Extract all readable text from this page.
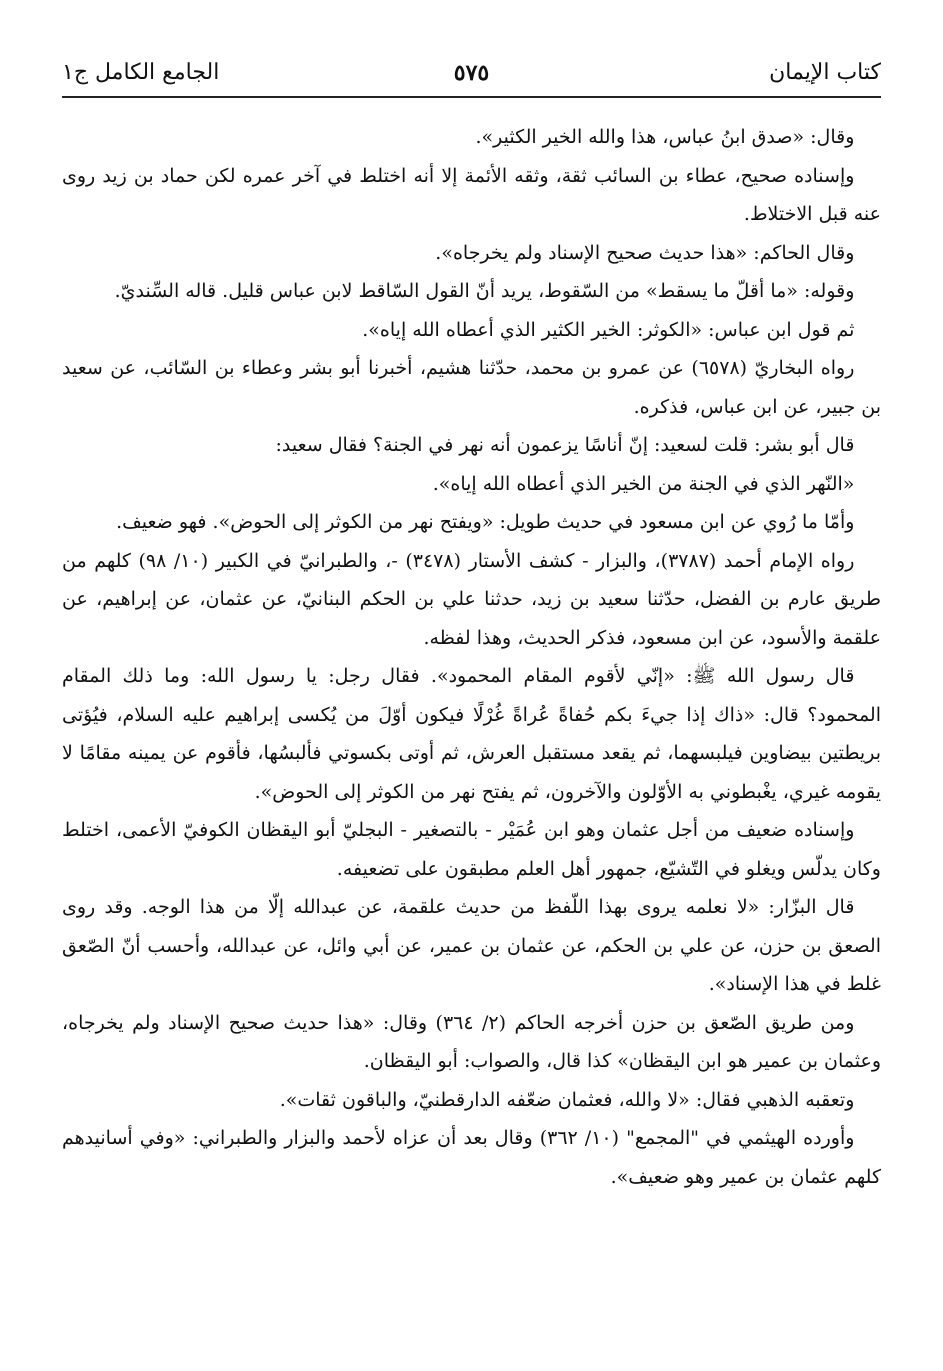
كتاب الإيمان
٥٧٥
الجامع الكامل ج١

وقال: «صدق ابنُ عباس، هذا والله الخير الكثير».

وإسناده صحيح، عطاء بن السائب ثقة، وثقه الأئمة إلا أنه اختلط في آخر عمره لكن حماد بن زيد روى عنه قبل الاختلاط.

وقال الحاكم: «هذا حديث صحيح الإسناد ولم يخرجاه».

وقوله: «ما أقلّ ما يسقط» من السّقوط، يريد أنّ القول السّاقط لابن عباس قليل. قاله السِّنديّ.

ثم قول ابن عباس: «الكوثر: الخير الكثير الذي أعطاه الله إياه».

رواه البخاريّ (٦٥٧٨) عن عمرو بن محمد، حدّثنا هشيم، أخبرنا أبو بشر وعطاء بن السّائب، عن سعيد بن جبير، عن ابن عباس، فذكره.

قال أبو بشر: قلت لسعيد: إنّ أناسًا يزعمون أنه نهر في الجنة؟ فقال سعيد:

«النّهر الذي في الجنة من الخير الذي أعطاه الله إياه».

وأمّا ما رُوي عن ابن مسعود في حديث طويل: «ويفتح نهر من الكوثر إلى الحوض». فهو ضعيف.

رواه الإمام أحمد (٣٧٨٧)، والبزار - كشف الأستار (٣٤٧٨) -، والطبرانيّ في الكبير (١٠/ ٩٨) كلهم من طريق عارم بن الفضل، حدّثنا سعيد بن زيد، حدثنا علي بن الحكم البنانيّ، عن عثمان، عن إبراهيم، عن علقمة والأسود، عن ابن مسعود، فذكر الحديث، وهذا لفظه.

قال رسول الله ﷺ: «إنّي لأقوم المقام المحمود». فقال رجل: يا رسول الله: وما ذلك المقام المحمود؟ قال: «ذاك إذا جيءَ بكم حُفاةً عُراةً غُرْلًا فيكون أوّلَ من يُكسى إبراهيم عليه السلام، فيُؤتى بريطتين بيضاوين فيلبسهما، ثم يقعد مستقبل العرش، ثم أوتى بكسوتي فألبسُها، فأقوم عن يمينه مقامًا لا يقومه غيري، يغْبطوني به الأوّلون والآخرون، ثم يفتح نهر من الكوثر إلى الحوض».

وإسناده ضعيف من أجل عثمان وهو ابن عُمَيْر - بالتصغير - البجليّ أبو اليقظان الكوفيّ الأعمى، اختلط وكان يدلّس ويغلو في التّشيّع، جمهور أهل العلم مطبقون على تضعيفه.

قال البزّار: «لا نعلمه يروى بهذا اللّفظ من حديث علقمة، عن عبدالله إلّا من هذا الوجه. وقد روى الصعق بن حزن، عن علي بن الحكم، عن عثمان بن عمير، عن أبي وائل، عن عبدالله، وأحسب أنّ الصّعق غلط في هذا الإسناد».

ومن طريق الصّعق بن حزن أخرجه الحاكم (٢/ ٣٦٤) وقال: «هذا حديث صحيح الإسناد ولم يخرجاه، وعثمان بن عمير هو ابن اليقظان» كذا قال، والصواب: أبو اليقظان.

وتعقبه الذهبي فقال: «لا والله، فعثمان ضعّفه الدارقطنيّ، والباقون ثقات».

وأورده الهيثمي في "المجمع" (١٠/ ٣٦٢) وقال بعد أن عزاه لأحمد والبزار والطبراني: «وفي أسانيدهم كلهم عثمان بن عمير وهو ضعيف».
